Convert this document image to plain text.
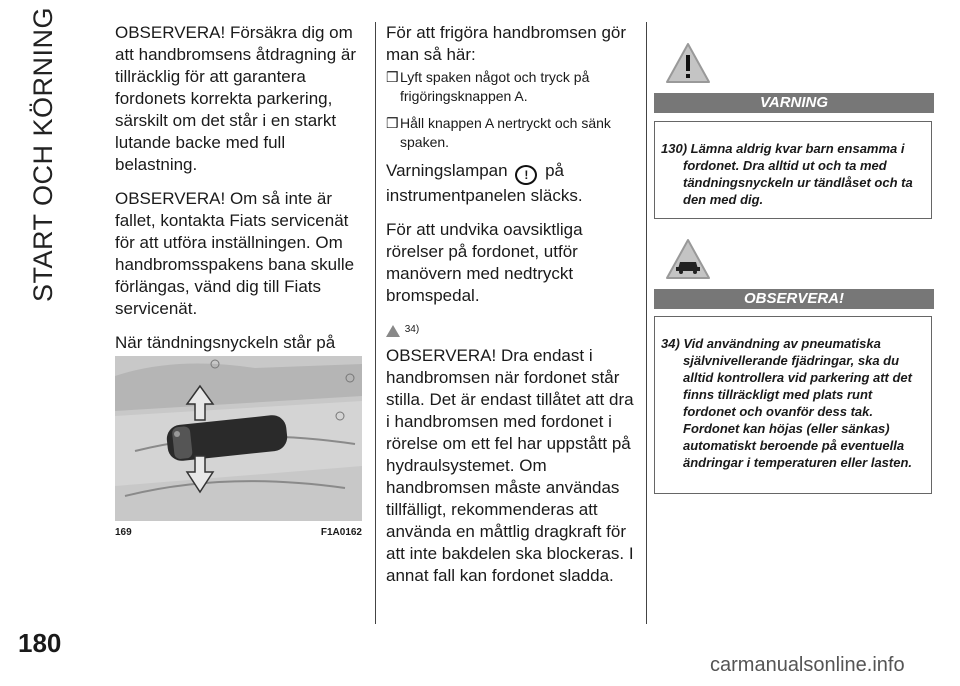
START OCH KÖRNING
180

OBSERVERA! Försäkra dig om att handbromsens åtdragning är tillräcklig för att garantera fordonets korrekta parkering, särskilt om det står i en starkt lutande backe med full belastning.

OBSERVERA! Om så inte är fallet, kontakta Fiats servicenät för att utföra inställningen. Om handbromsspakens bana skulle förlängas, vänd dig till Fiats servicenät.

När tändningsnyckeln står på !

169	F1A0162

För att frigöra handbromsen gör man så här:

❒ Lyft spaken något och tryck på frigöringsknappen A.
❒ Håll knappen A nertryckt och sänk spaken.

Varningslampan ! på instrumentpanelen släcks.

För att undvika oavsiktliga rörelser på fordonet, utför manövern med nedtryckt bromspedal.

$^{34)}$

OBSERVERA! Dra endast i handbromsen när fordonet står stilla. Det är endast tillåtet att dra i handbromsen med fordonet i rörelse om ett fel har uppstått på hydraulsystemet. Om handbromsen måste användas tillfälligt, rekommenderas att använda en måttlig dragkraft för att inte bakdelen ska blockeras. I annat fall kan fordonet sladda.

VARNING
130) Lämna aldrig kvar barn ensamma i fordonet. Dra alltid ut och ta med tändningsnyckeln ur tändlåset och ta den med dig.
OBSERVERA!
34) Vid användning av pneumatiska självnivellerande fjädringar, ska du alltid kontrollera vid parkering att det finns tillräckligt med plats runt fordonet och ovanför dess tak. Fordonet kan höjas (eller sänkas) automatiskt beroende på eventuella ändringar i temperaturen eller lasten.
carmanualsonline.info
